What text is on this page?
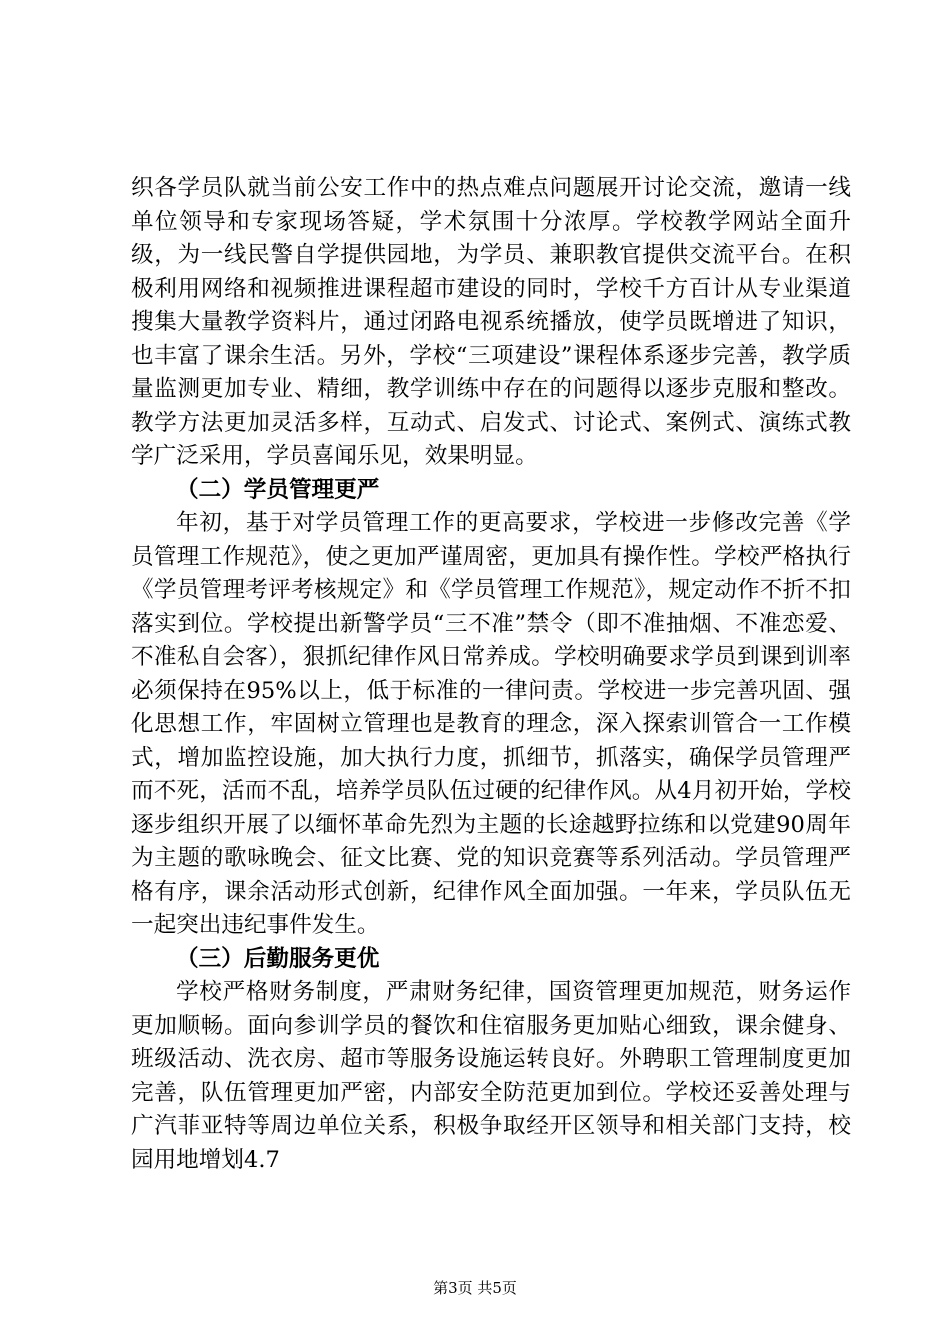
织各学员队就当前公安工作中的热点难点问题展开讨论交流，邀请一线单位领导和专家现场答疑，学术氛围十分浓厚。学校教学网站全面升级，为一线民警自学提供园地，为学员、兼职教官提供交流平台。在积极利用网络和视频推进课程超市建设的同时，学校千方百计从专业渠道搜集大量教学资料片，通过闭路电视系统播放，使学员既增进了知识，也丰富了课余生活。另外，学校“三项建设”课程体系逐步完善，教学质量监测更加专业、精细，教学训练中存在的问题得以逐步克服和整改。教学方法更加灵活多样，互动式、启发式、讨论式、案例式、演练式教学广泛采用，学员喜闻乐见，效果明显。

（二）学员管理更严

年初，基于对学员管理工作的更高要求，学校进一步修改完善《学员管理工作规范》，使之更加严谨周密，更加具有操作性。学校严格执行《学员管理考评考核规定》和《学员管理工作规范》，规定动作不折不扣落实到位。学校提出新警学员“三不准”禁令（即不准抽烟、不准恋爱、不准私自会客），狠抓纪律作风日常养成。学校明确要求学员到课到训率必须保持在95%以上，低于标准的一律问责。学校进一步完善巩固、强化思想工作，牢固树立管理也是教育的理念，深入探索训管合一工作模式，增加监控设施，加大执行力度，抓细节，抓落实，确保学员管理严而不死，活而不乱，培养学员队伍过硬的纪律作风。从4月初开始，学校逐步组织开展了以缅怀革命先烈为主题的长途越野拉练和以党建90周年为主题的歌咏晚会、征文比赛、党的知识竞赛等系列活动。学员管理严格有序，课余活动形式创新，纪律作风全面加强。一年来，学员队伍无一起突出违纪事件发生。

（三）后勤服务更优

学校严格财务制度，严肃财务纪律，国资管理更加规范，财务运作更加顺畅。面向参训学员的餐饮和住宿服务更加贴心细致，课余健身、班级活动、洗衣房、超市等服务设施运转良好。外聘职工管理制度更加完善，队伍管理更加严密，内部安全防范更加到位。学校还妥善处理与广汽菲亚特等周边单位关系，积极争取经开区领导和相关部门支持，校园用地增划4.7

第3页 共5页
